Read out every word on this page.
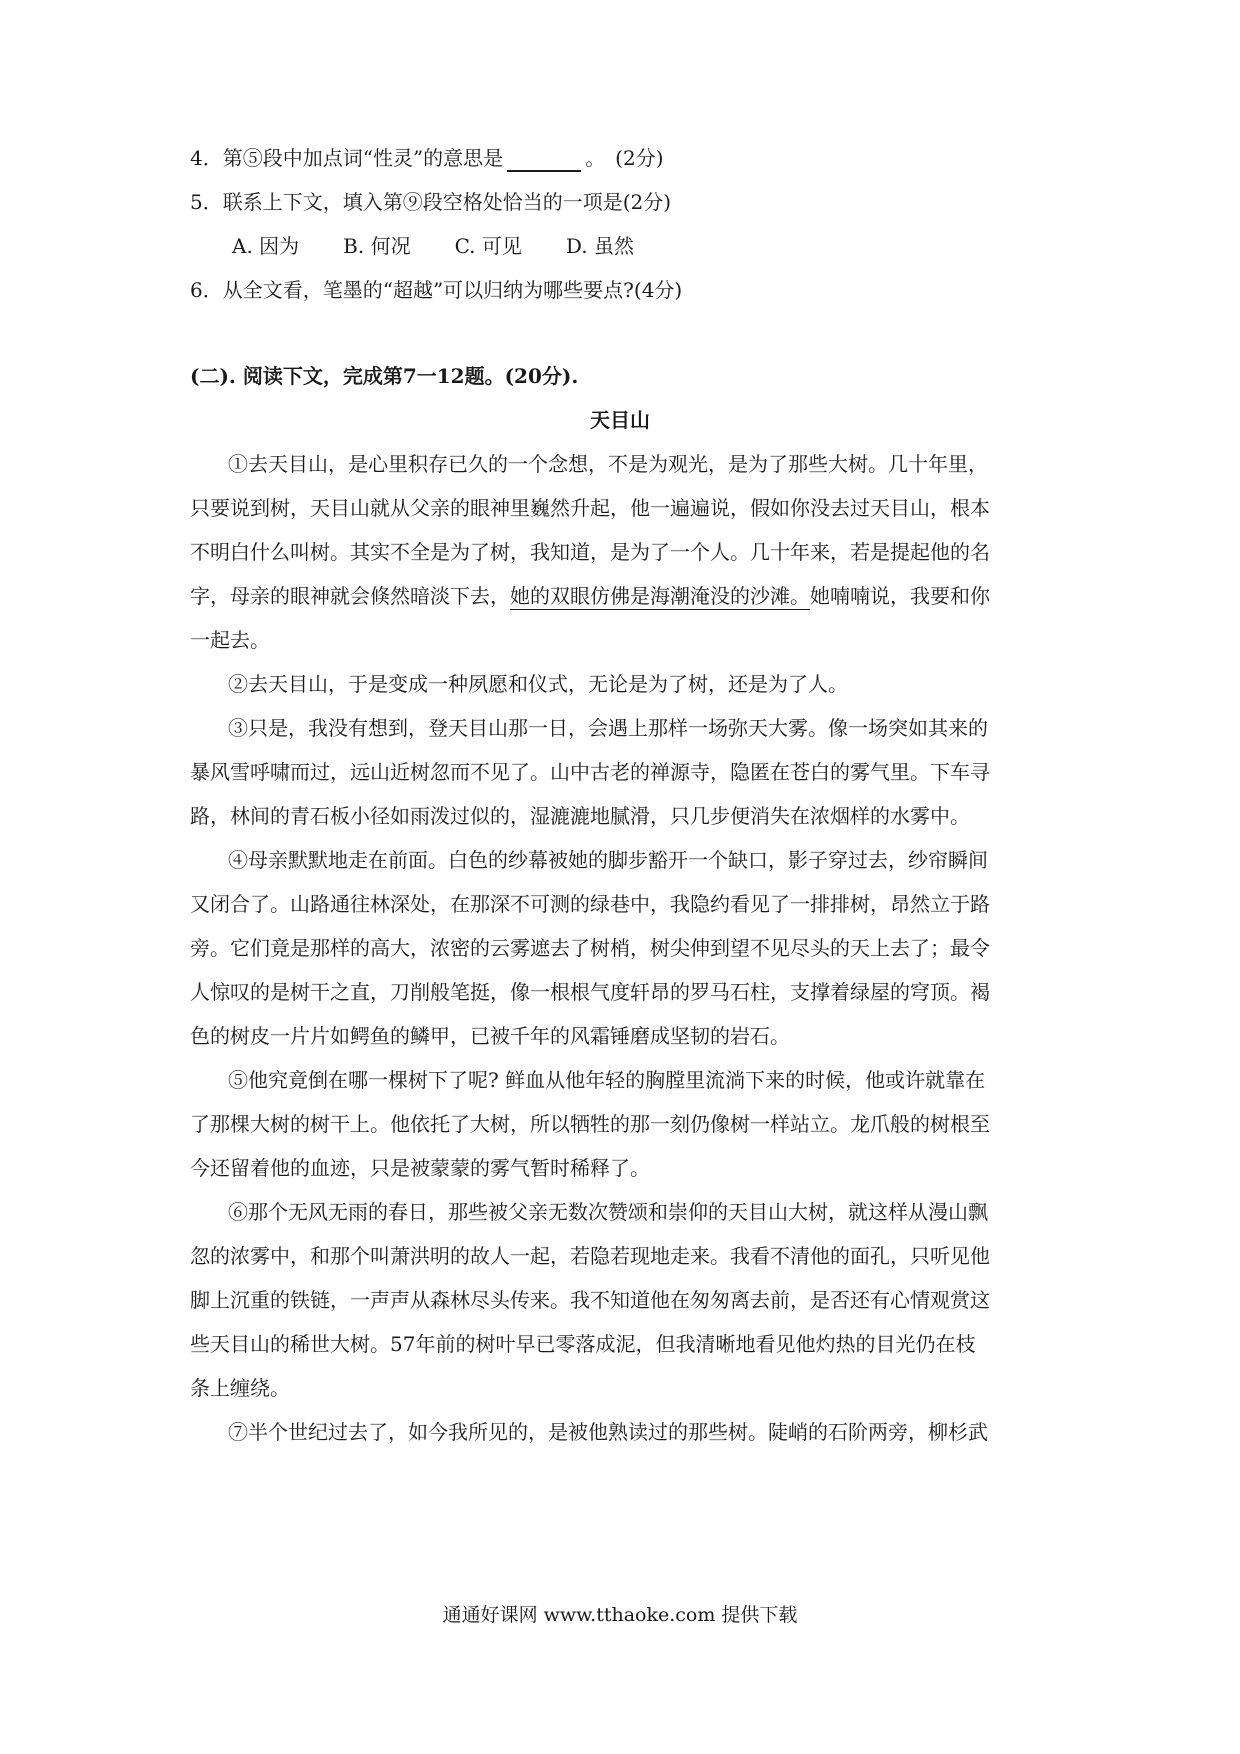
4．第⑤段中加点词“性灵”的意思是	。　(2分)
5．联系上下文，填入第⑨段空格处恰当的一项是(2分)
A. 因为 B. 何况 C. 可见 D. 虽然
6．从全文看，笔墨的“超越”可以归纳为哪些要点?(4分)
(二). 阅读下文，完成第7一12题。(20分).
天目山
①去天目山，是心里积存已久的一个念想，不是为观光，是为了那些大树。几十年里，
只要说到树，天目山就从父亲的眼神里巍然升起，他一遍遍说，假如你没去过天目山，根本
不明白什么叫树。其实不全是为了树，我知道，是为了一个人。几十年来，若是提起他的名
字，母亲的眼神就会倏然暗淡下去，她的双眼仿佛是海潮淹没的沙滩。她喃喃说，我要和你
一起去。
②去天目山，于是变成一种夙愿和仪式，无论是为了树，还是为了人。
③只是，我没有想到，登天目山那一日，会遇上那样一场弥天大雾。像一场突如其来的
暴风雪呼啸而过，远山近树忽而不见了。山中古老的禅源寺，隐匿在苍白的雾气里。下车寻
路，林间的青石板小径如雨泼过似的，湿漉漉地腻滑，只几步便消失在浓烟样的水雾中。
④母亲默默地走在前面。白色的纱幕被她的脚步豁开一个缺口，影子穿过去，纱帘瞬间
又闭合了。山路通往林深处，在那深不可测的绿巷中，我隐约看见了一排排树，昂然立于路
旁。它们竟是那样的高大，浓密的云雾遮去了树梢，树尖伸到望不见尽头的天上去了；最令
人惊叹的是树干之直，刀削般笔挺，像一根根气度轩昂的罗马石柱，支撑着绿屋的穹顶。褐
色的树皮一片片如鳄鱼的鳞甲，已被千年的风霜锤磨成坚韧的岩石。
⑤他究竟倒在哪一棵树下了呢? 鲜血从他年轻的胸膛里流淌下来的时候，他或许就靠在
了那棵大树的树干上。他依托了大树，所以牺牲的那一刻仍像树一样站立。龙爪般的树根至
今还留着他的血迹，只是被蒙蒙的雾气暂时稀释了。
⑥那个无风无雨的春日，那些被父亲无数次赞颂和崇仰的天目山大树，就这样从漫山飘
忽的浓雾中，和那个叫萧洪明的故人一起，若隐若现地走来。我看不清他的面孔，只听见他
脚上沉重的铁链，一声声从森林尽头传来。我不知道他在匆匆离去前，是否还有心情观赏这
些天目山的稀世大树。57年前的树叶早已零落成泥，但我清晰地看见他灼热的目光仍在枝
条上缠绕。
⑦半个世纪过去了，如今我所见的，是被他熟读过的那些树。陡峭的石阶两旁，柳杉武
通通好课网 www.tthaoke.com 提供下载
